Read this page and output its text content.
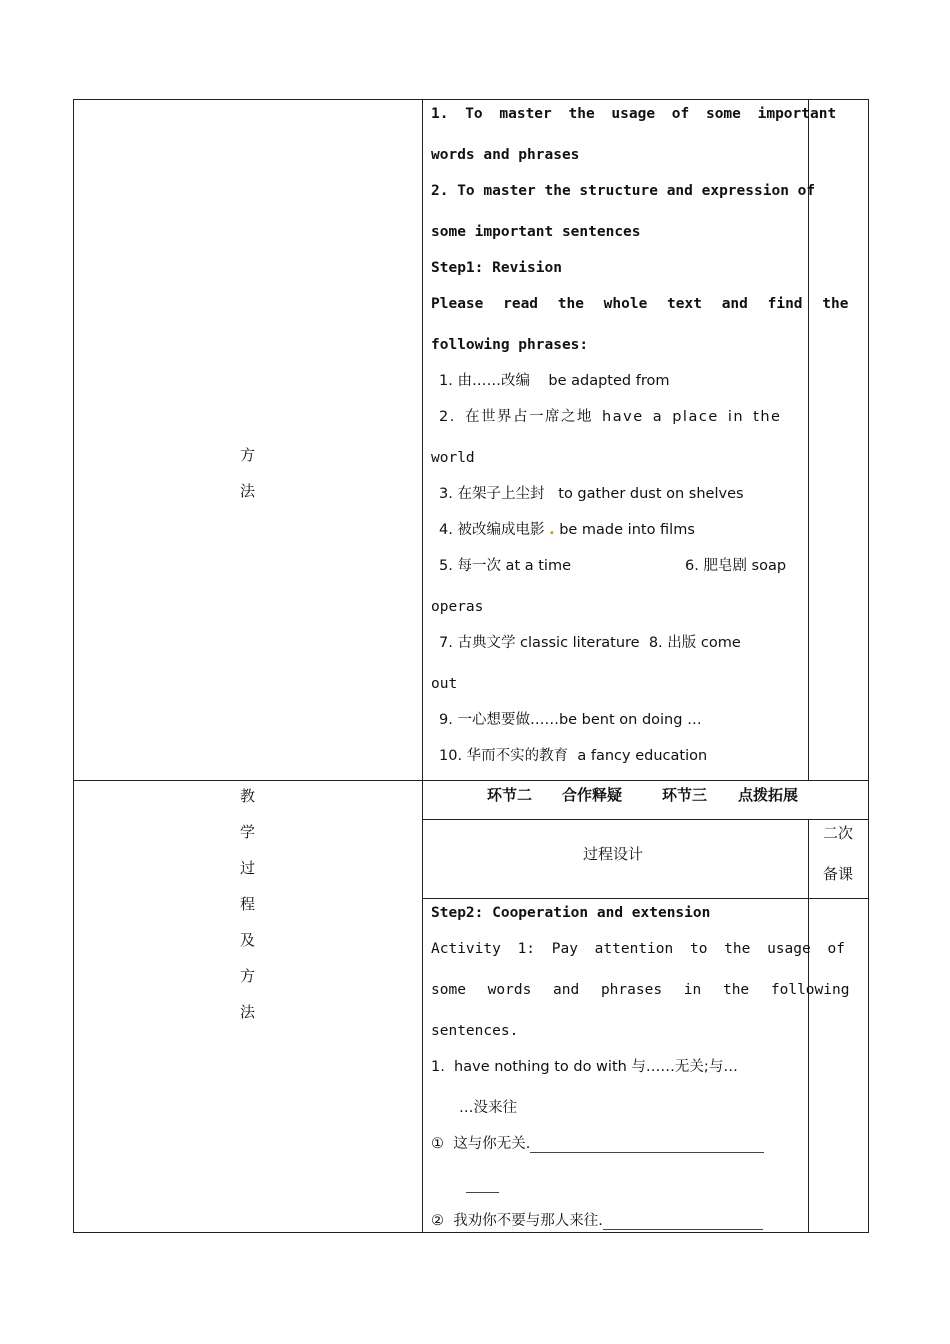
方
法
教
学
过
程
及
方
法
1. To master the usage of some important
words and phrases
2. To master the structure and expression of
some important sentences
Step1: Revision
Please read the whole text and find the
following phrases:
1. 由……改编    be adapted from
2. 在世界占一席之地 have a place in the
world
3. 在架子上尘封   to gather dust on shelves
4. 被改编成电影 . be made into films
5. 每一次 at a time	6. 肥皂剧 soap
operas
7. 古典文学 classic literature  8. 出版 come
out
9. 一心想要做……be bent on doing …
10. 华而不实的教育  a fancy education
环节二 合作释疑	环节三 点拨拓展
过程设计
二次
备课
Step2: Cooperation and extension
Activity 1: Pay attention to the usage of
some words and phrases in the following
sentences.
1.  have nothing to do with 与……无关;与…
…没来往
①  这与你无关.
②  我劝你不要与那人来往.
